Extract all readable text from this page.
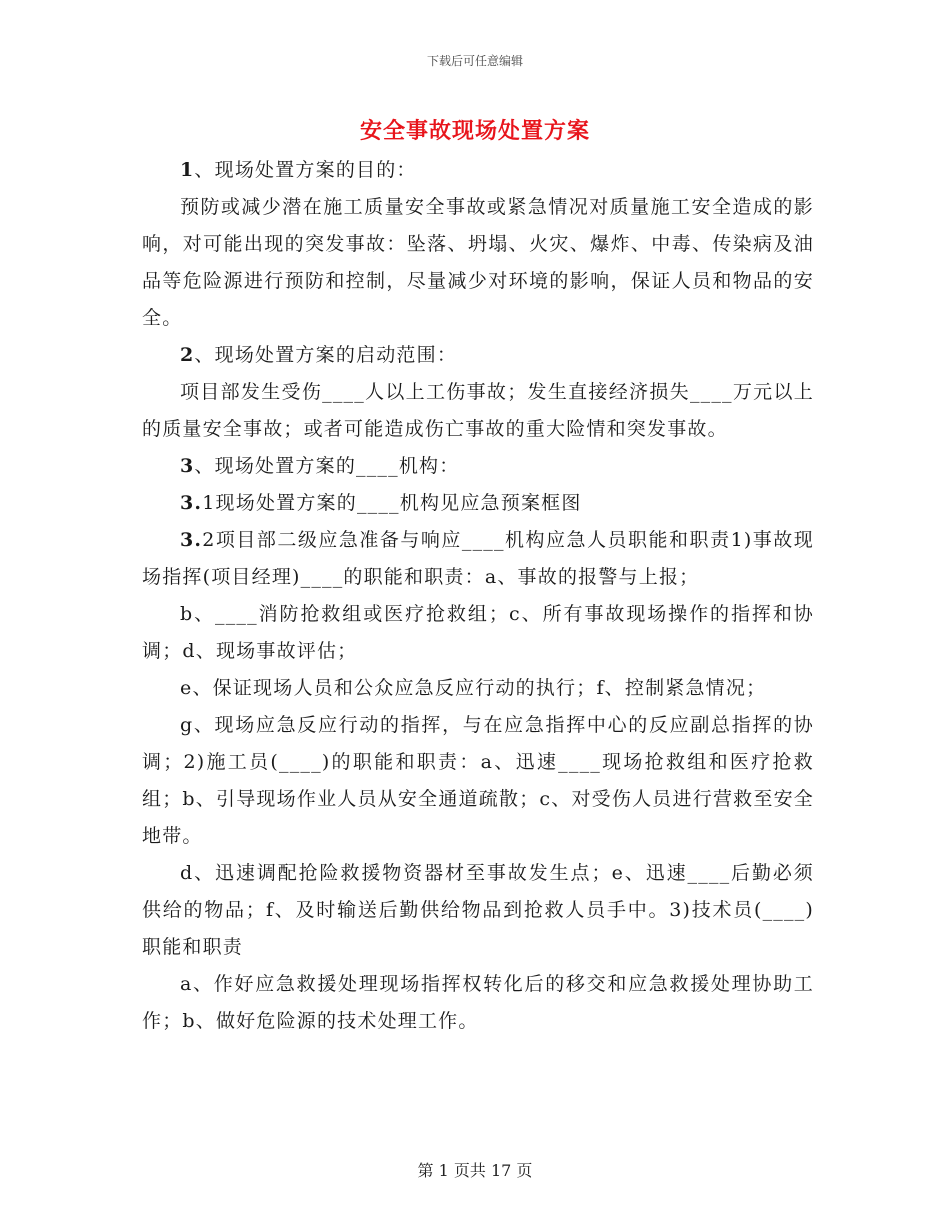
下载后可任意编辑
安全事故现场处置方案

1、现场处置方案的目的：

预防或减少潜在施工质量安全事故或紧急情况对质量施工安全造成的影响，对可能出现的突发事故：坠落、坍塌、火灾、爆炸、中毒、传染病及油品等危险源进行预防和控制，尽量减少对环境的影响，保证人员和物品的安全。

2、现场处置方案的启动范围：

项目部发生受伤____人以上工伤事故；发生直接经济损失____万元以上的质量安全事故；或者可能造成伤亡事故的重大险情和突发事故。

3、现场处置方案的____机构：

3.1现场处置方案的____机构见应急预案框图

3.2项目部二级应急准备与响应____机构应急人员职能和职责1)事故现场指挥(项目经理)____的职能和职责：a、事故的报警与上报；

b、____消防抢救组或医疗抢救组；c、所有事故现场操作的指挥和协调；d、现场事故评估；

e、保证现场人员和公众应急反应行动的执行；f、控制紧急情况；

g、现场应急反应行动的指挥，与在应急指挥中心的反应副总指挥的协调；2)施工员(____)的职能和职责：a、迅速____现场抢救组和医疗抢救组；b、引导现场作业人员从安全通道疏散；c、对受伤人员进行营救至安全地带。

d、迅速调配抢险救援物资器材至事故发生点；e、迅速____后勤必须供给的物品；f、及时输送后勤供给物品到抢救人员手中。3)技术员(____)职能和职责

a、作好应急救援处理现场指挥权转化后的移交和应急救援处理协助工作；b、做好危险源的技术处理工作。

第 1 页共 17 页
